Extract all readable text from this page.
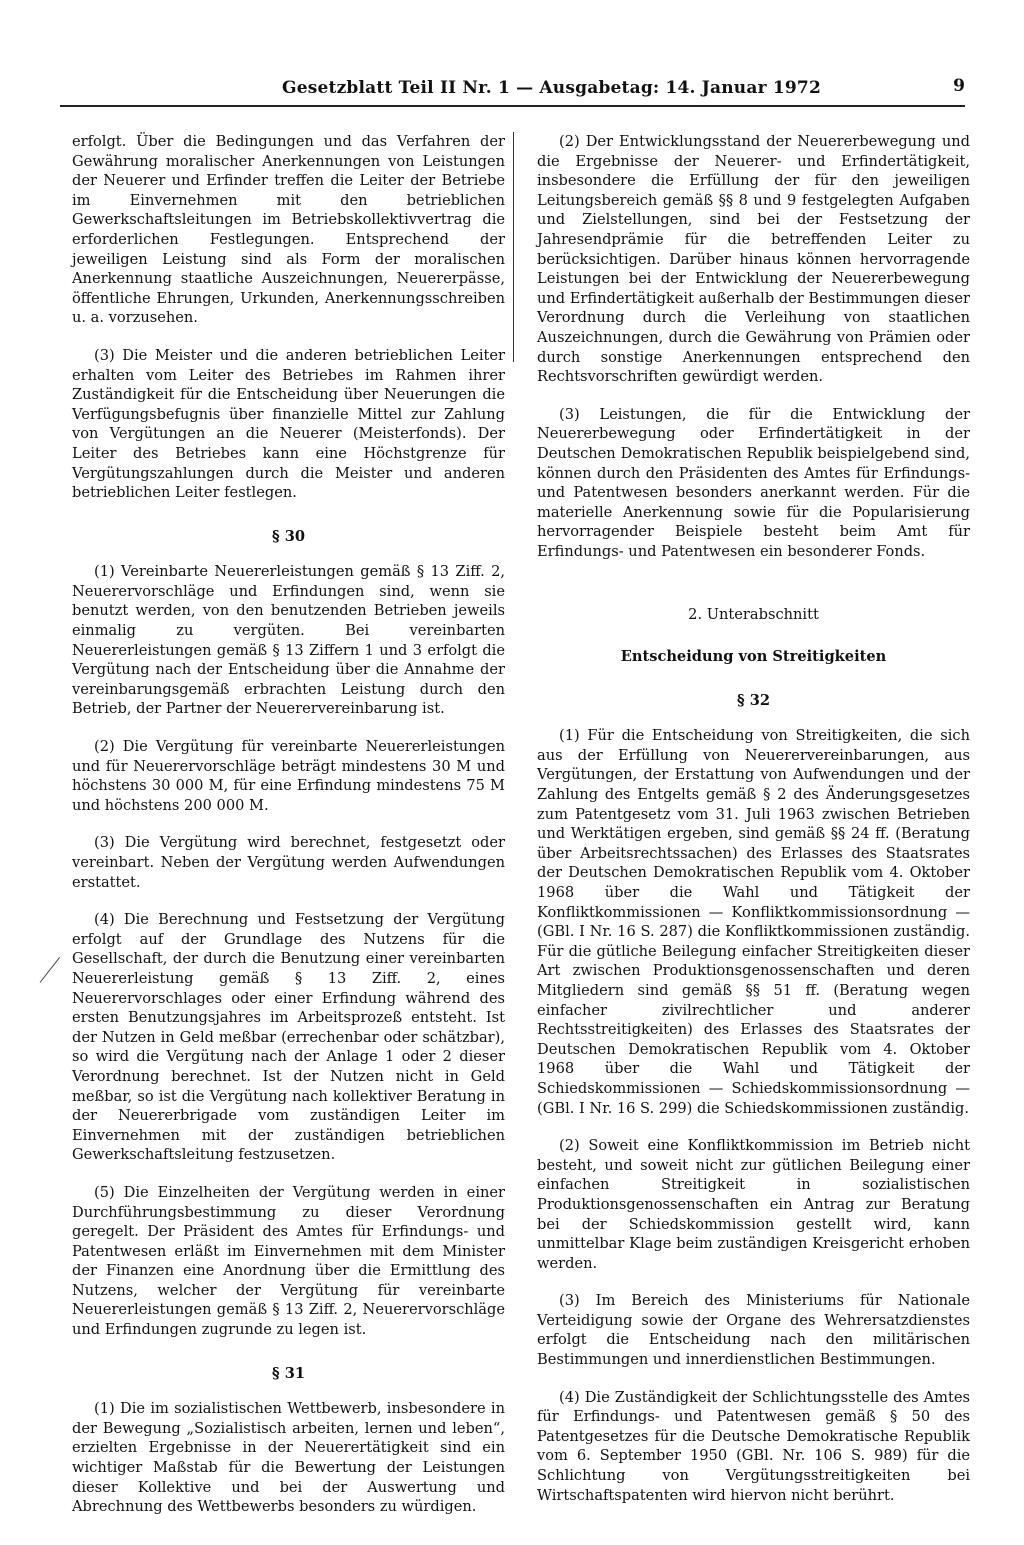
Gesetzblatt Teil II Nr. 1 — Ausgabetag: 14. Januar 1972	9

erfolgt. Über die Bedingungen und das Verfahren der Gewährung moralischer Anerkennungen von Leistungen der Neuerer und Erfinder treffen die Leiter der Betriebe im Einvernehmen mit den betrieblichen Gewerkschaftsleitungen im Betriebskollektivvertrag die erforderlichen Festlegungen. Entsprechend der jeweiligen Leistung sind als Form der moralischen Anerkennung staatliche Auszeichnungen, Neuererpässe, öffentliche Ehrungen, Urkunden, Anerkennungsschreiben u. a. vorzusehen.

(3) Die Meister und die anderen betrieblichen Leiter erhalten vom Leiter des Betriebes im Rahmen ihrer Zuständigkeit für die Entscheidung über Neuerungen die Verfügungsbefugnis über finanzielle Mittel zur Zahlung von Vergütungen an die Neuerer (Meisterfonds). Der Leiter des Betriebes kann eine Höchstgrenze für Vergütungszahlungen durch die Meister und anderen betrieblichen Leiter festlegen.

§ 30

(1) Vereinbarte Neuererleistungen gemäß § 13 Ziff. 2, Neuerervorschläge und Erfindungen sind, wenn sie benutzt werden, von den benutzenden Betrieben jeweils einmalig zu vergüten. Bei vereinbarten Neuererleistungen gemäß § 13 Ziffern 1 und 3 erfolgt die Vergütung nach der Entscheidung über die Annahme der vereinbarungsgemäß erbrachten Leistung durch den Betrieb, der Partner der Neuerervereinbarung ist.

(2) Die Vergütung für vereinbarte Neuererleistungen und für Neuerervorschläge beträgt mindestens 30 M und höchstens 30 000 M, für eine Erfindung mindestens 75 M und höchstens 200 000 M.

(3) Die Vergütung wird berechnet, festgesetzt oder vereinbart. Neben der Vergütung werden Aufwendungen erstattet.

(4) Die Berechnung und Festsetzung der Vergütung erfolgt auf der Grundlage des Nutzens für die Gesellschaft, der durch die Benutzung einer vereinbarten Neuererleistung gemäß § 13 Ziff. 2, eines Neuerervorschlages oder einer Erfindung während des ersten Benutzungsjahres im Arbeitsprozeß entsteht. Ist der Nutzen in Geld meßbar (errechenbar oder schätzbar), so wird die Vergütung nach der Anlage 1 oder 2 dieser Verordnung berechnet. Ist der Nutzen nicht in Geld meßbar, so ist die Vergütung nach kollektiver Beratung in der Neuererbrigade vom zuständigen Leiter im Einvernehmen mit der zuständigen betrieblichen Gewerkschaftsleitung festzusetzen.

(5) Die Einzelheiten der Vergütung werden in einer Durchführungsbestimmung zu dieser Verordnung geregelt. Der Präsident des Amtes für Erfindungs- und Patentwesen erläßt im Einvernehmen mit dem Minister der Finanzen eine Anordnung über die Ermittlung des Nutzens, welcher der Vergütung für vereinbarte Neuererleistungen gemäß § 13 Ziff. 2, Neuerervorschläge und Erfindungen zugrunde zu legen ist.

§ 31

(1) Die im sozialistischen Wettbewerb, insbesondere in der Bewegung „Sozialistisch arbeiten, lernen und leben“, erzielten Ergebnisse in der Neuerertätigkeit sind ein wichtiger Maßstab für die Bewertung der Leistungen dieser Kollektive und bei der Auswertung und Abrechnung des Wettbewerbs besonders zu würdigen.

(2) Der Entwicklungsstand der Neuererbewegung und die Ergebnisse der Neuerer- und Erfindertätigkeit, insbesondere die Erfüllung der für den jeweiligen Leitungsbereich gemäß §§ 8 und 9 festgelegten Aufgaben und Zielstellungen, sind bei der Festsetzung der Jahresendprämie für die betreffenden Leiter zu berücksichtigen. Darüber hinaus können hervorragende Leistungen bei der Entwicklung der Neuererbewegung und Erfindertätigkeit außerhalb der Bestimmungen dieser Verordnung durch die Verleihung von staatlichen Auszeichnungen, durch die Gewährung von Prämien oder durch sonstige Anerkennungen entsprechend den Rechtsvorschriften gewürdigt werden.

(3) Leistungen, die für die Entwicklung der Neuererbewegung oder Erfindertätigkeit in der Deutschen Demokratischen Republik beispielgebend sind, können durch den Präsidenten des Amtes für Erfindungs- und Patentwesen besonders anerkannt werden. Für die materielle Anerkennung sowie für die Popularisierung hervorragender Beispiele besteht beim Amt für Erfindungs- und Patentwesen ein besonderer Fonds.

2. Unterabschnitt
Entscheidung von Streitigkeiten
§ 32

(1) Für die Entscheidung von Streitigkeiten, die sich aus der Erfüllung von Neuerervereinbarungen, aus Vergütungen, der Erstattung von Aufwendungen und der Zahlung des Entgelts gemäß § 2 des Änderungsgesetzes zum Patentgesetz vom 31. Juli 1963 zwischen Betrieben und Werktätigen ergeben, sind gemäß §§ 24 ff. (Beratung über Arbeitsrechtssachen) des Erlasses des Staatsrates der Deutschen Demokratischen Republik vom 4. Oktober 1968 über die Wahl und Tätigkeit der Konfliktkommissionen — Konfliktkommissionsordnung — (GBl. I Nr. 16 S. 287) die Konfliktkommissionen zuständig. Für die gütliche Beilegung einfacher Streitigkeiten dieser Art zwischen Produktionsgenossenschaften und deren Mitgliedern sind gemäß §§ 51 ff. (Beratung wegen einfacher zivilrechtlicher und anderer Rechtsstreitigkeiten) des Erlasses des Staatsrates der Deutschen Demokratischen Republik vom 4. Oktober 1968 über die Wahl und Tätigkeit der Schiedskommissionen — Schiedskommissionsordnung — (GBl. I Nr. 16 S. 299) die Schiedskommissionen zuständig.

(2) Soweit eine Konfliktkommission im Betrieb nicht besteht, und soweit nicht zur gütlichen Beilegung einer einfachen Streitigkeit in sozialistischen Produktionsgenossenschaften ein Antrag zur Beratung bei der Schiedskommission gestellt wird, kann unmittelbar Klage beim zuständigen Kreisgericht erhoben werden.

(3) Im Bereich des Ministeriums für Nationale Verteidigung sowie der Organe des Wehrersatzdienstes erfolgt die Entscheidung nach den militärischen Bestimmungen und innerdienstlichen Bestimmungen.

(4) Die Zuständigkeit der Schlichtungsstelle des Amtes für Erfindungs- und Patentwesen gemäß § 50 des Patentgesetzes für die Deutsche Demokratische Republik vom 6. September 1950 (GBl. Nr. 106 S. 989) für die Schlichtung von Vergütungsstreitigkeiten bei Wirtschaftspatenten wird hiervon nicht berührt.
